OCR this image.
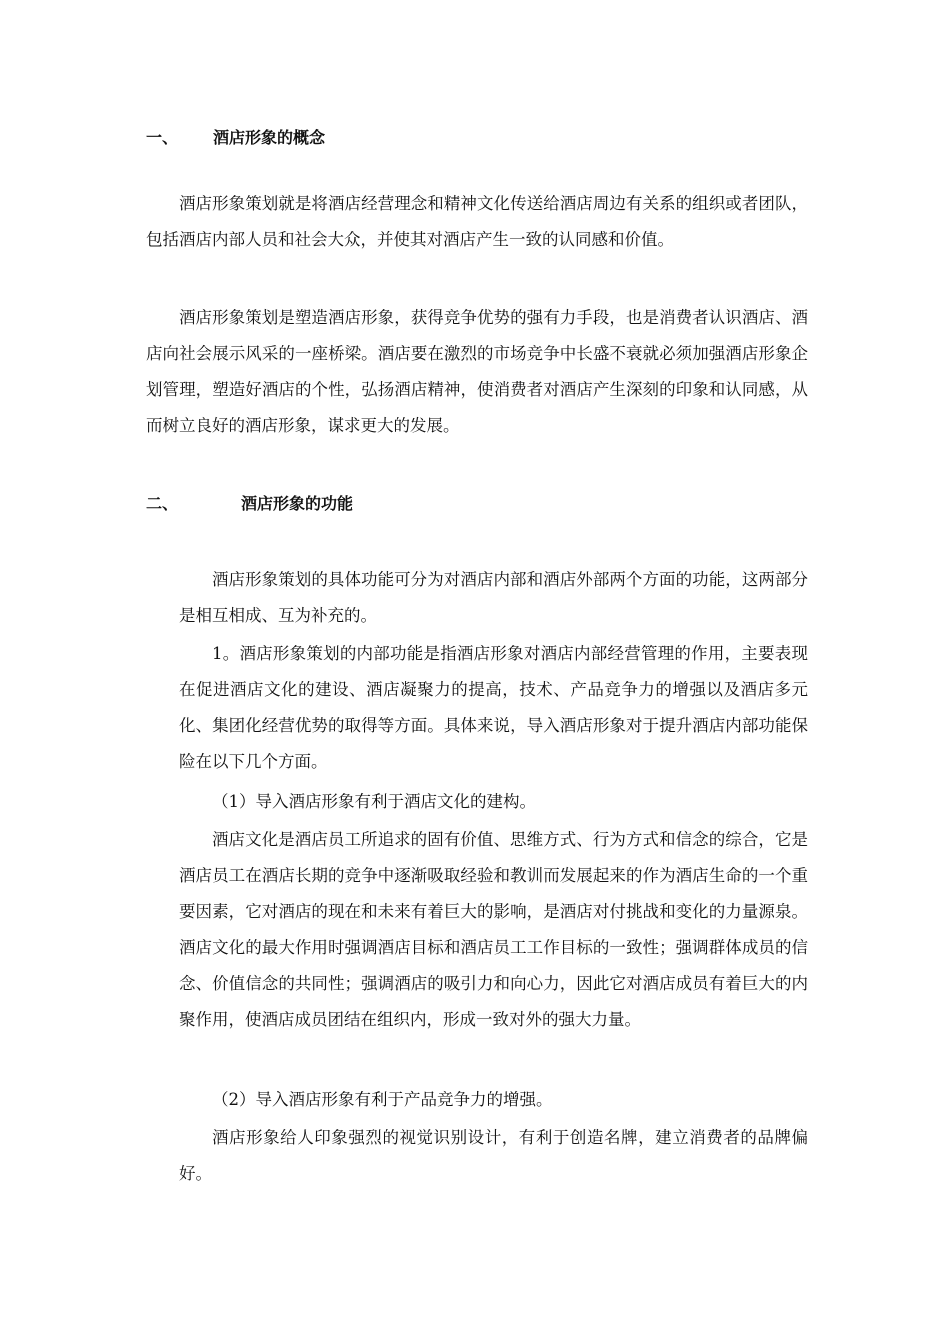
一、 酒店形象的概念

酒店形象策划就是将酒店经营理念和精神文化传送给酒店周边有关系的组织或者团队，包括酒店内部人员和社会大众，并使其对酒店产生一致的认同感和价值。

酒店形象策划是塑造酒店形象，获得竞争优势的强有力手段，也是消费者认识酒店、酒店向社会展示风采的一座桥梁。酒店要在激烈的市场竞争中长盛不衰就必须加强酒店形象企划管理，塑造好酒店的个性，弘扬酒店精神，使消费者对酒店产生深刻的印象和认同感，从而树立良好的酒店形象，谋求更大的发展。

二、	酒店形象的功能

酒店形象策划的具体功能可分为对酒店内部和酒店外部两个方面的功能，这两部分是相互相成、互为补充的。

1。酒店形象策划的内部功能是指酒店形象对酒店内部经营管理的作用，主要表现在促进酒店文化的建设、酒店凝聚力的提高，技术、产品竞争力的增强以及酒店多元化、集团化经营优势的取得等方面。具体来说，导入酒店形象对于提升酒店内部功能保险在以下几个方面。

（1）导入酒店形象有利于酒店文化的建构。

酒店文化是酒店员工所追求的固有价值、思维方式、行为方式和信念的综合，它是酒店员工在酒店长期的竞争中逐渐吸取经验和教训而发展起来的作为酒店生命的一个重要因素，它对酒店的现在和未来有着巨大的影响，是酒店对付挑战和变化的力量源泉。酒店文化的最大作用时强调酒店目标和酒店员工工作目标的一致性；强调群体成员的信念、价值信念的共同性；强调酒店的吸引力和向心力，因此它对酒店成员有着巨大的内聚作用，使酒店成员团结在组织内，形成一致对外的强大力量。

（2）导入酒店形象有利于产品竞争力的增强。

酒店形象给人印象强烈的视觉识别设计，有利于创造名牌，建立消费者的品牌偏好。
